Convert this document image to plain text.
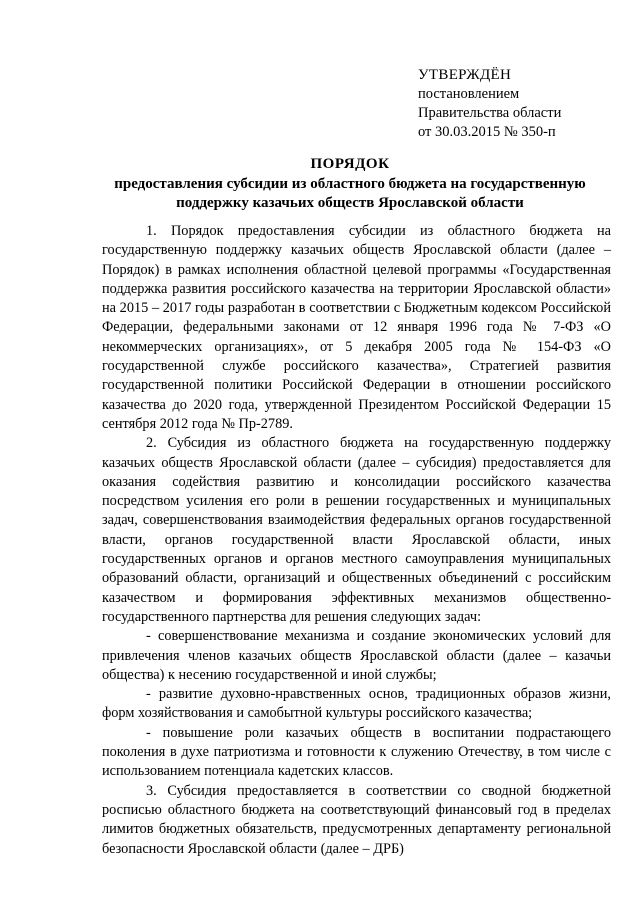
УТВЕРЖДЁН
постановлением
Правительства области
от 30.03.2015 № 350-п
ПОРЯДОК
предоставления субсидии из областного бюджета на государственную
поддержку казачьих обществ Ярославской области

1. Порядок предоставления субсидии из областного бюджета на государственную поддержку казачьих обществ Ярославской области (далее – Порядок) в рамках исполнения областной целевой программы «Государственная поддержка развития российского казачества на территории Ярославской области» на 2015 – 2017 годы разработан в соответствии с Бюджетным кодексом Российской Федерации, федеральными законами от 12 января 1996 года № 7-ФЗ «О некоммерческих организациях», от 5 декабря 2005 года № 154-ФЗ «О государственной службе российского казачества», Стратегией развития государственной политики Российской Федерации в отношении российского казачества до 2020 года, утвержденной Президентом Российской Федерации 15 сентября 2012 года № Пр-2789.

2. Субсидия из областного бюджета на государственную поддержку казачьих обществ Ярославской области (далее – субсидия) предоставляется для оказания содействия развитию и консолидации российского казачества посредством усиления его роли в решении государственных и муниципальных задач, совершенствования взаимодействия федеральных органов государственной власти, органов государственной власти Ярославской области, иных государственных органов и органов местного самоуправления муниципальных образований области, организаций и общественных объединений с российским казачеством и формирования эффективных механизмов общественно-государственного партнерства для решения следующих задач:

- совершенствование механизма и создание экономических условий для привлечения членов казачьих обществ Ярославской области (далее – казачьи общества) к несению государственной и иной службы;

- развитие духовно-нравственных основ, традиционных образов жизни, форм хозяйствования и самобытной культуры российского казачества;

- повышение роли казачьих обществ в воспитании подрастающего поколения в духе патриотизма и готовности к служению Отечеству, в том числе с использованием потенциала кадетских классов.

3. Субсидия предоставляется в соответствии со сводной бюджетной росписью областного бюджета на соответствующий финансовый год в пределах лимитов бюджетных обязательств, предусмотренных департаменту региональной безопасности Ярославской области (далее – ДРБ)
